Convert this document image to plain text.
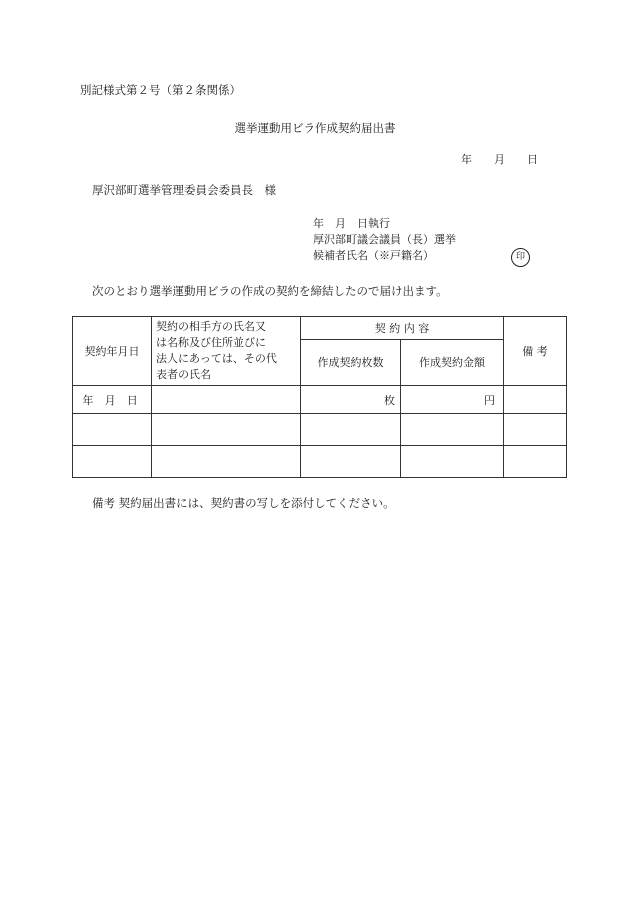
別記様式第２号（第２条関係）
選挙運動用ビラ作成契約届出書
年 月 日
厚沢部町選挙管理委員会委員長　様
年　月　日執行
厚沢部町議会議員（長）選挙
候補者氏名（※戸籍名）	印
次のとおり選挙運動用ビラの作成の契約を締結したので届け出ます。
契約年月日	契約の相手方の氏名又
は名称及び住所並びに
法人にあっては、その代
表者の氏名	契 約 内 容		備 考
		作成契約枚数	作成契約金額	
年 月 日		枚	円	

備考 契約届出書には、契約書の写しを添付してください。
